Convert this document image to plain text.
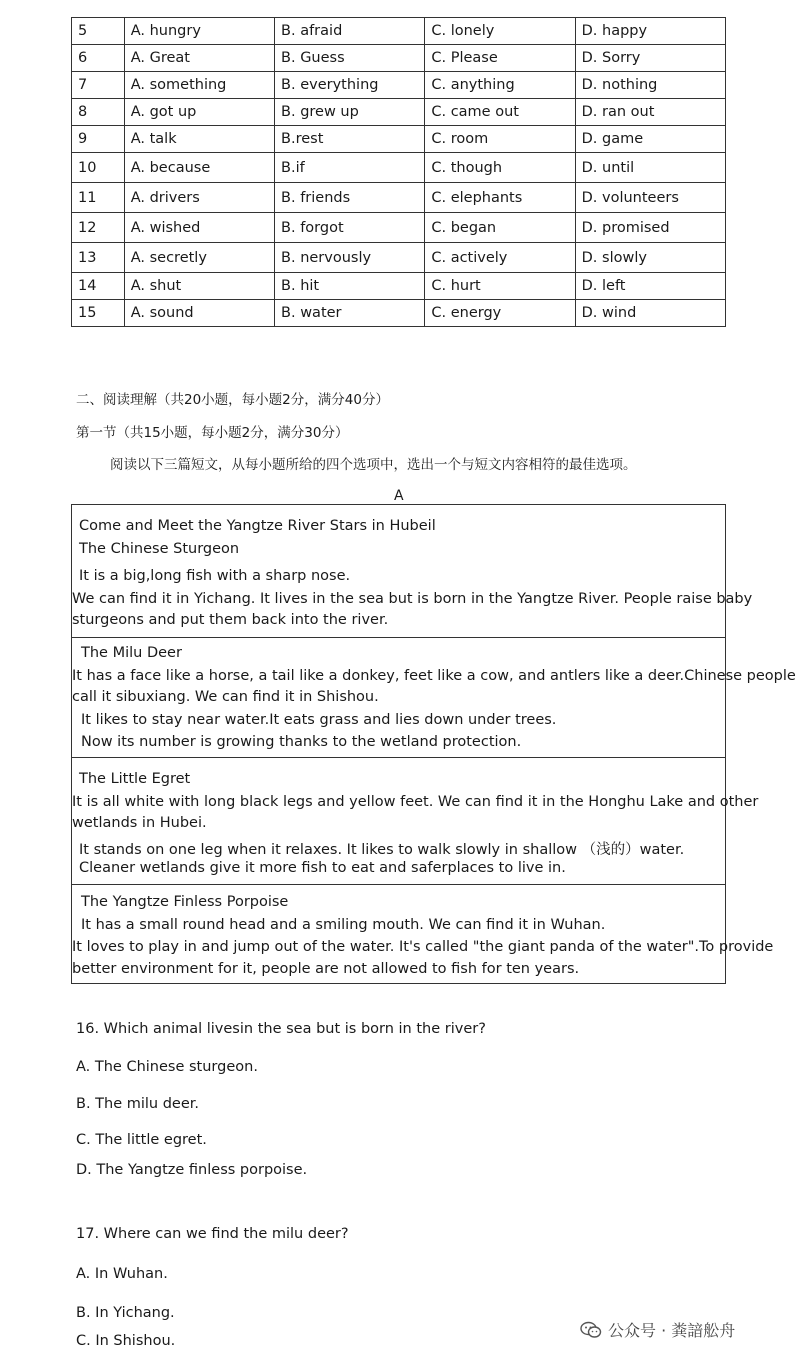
5	A. hungry	B. afraid	C. lonely	D. happy
6	A. Great	B. Guess	C. Please	D. Sorry
7	A. something	B. everything	C. anything	D. nothing
8	A. got up	B. grew up	C. came out	D. ran out
9	A. talk	B.rest	C. room	D. game
10	A. because	B.if	C. though	D. until
11	A. drivers	B. friends	C. elephants	D. volunteers
12	A. wished	B. forgot	C. began	D. promised
13	A. secretly	B. nervously	C. actively	D. slowly
14	A. shut	B. hit	C. hurt	D. left
15	A. sound	B. water	C. energy	D. wind
二、阅读理解（共20小题，每小题2分，满分40分）
第一节（共15小题，每小题2分，满分30分）
阅读以下三篇短文，从每小题所给的四个选项中，选出一个与短文内容相符的最佳选项。
A
Come and Meet the Yangtze River Stars in Hubeil
The Chinese Sturgeon
It is a big,long fish with a sharp nose.
We can find it in Yichang. It lives in the sea but is born in the Yangtze River. People raise baby
sturgeons and put them back into the river.
The Milu Deer
It has a face like a horse, a tail like a donkey, feet like a cow, and antlers like a deer.Chinese people
call it sibuxiang. We can find it in Shishou.
It likes to stay near water.It eats grass and lies down under trees.
Now its number is growing thanks to the wetland protection.
The Little Egret
It is all white with long black legs and yellow feet. We can find it in the Honghu Lake and other
wetlands in Hubei.
It stands on one leg when it relaxes. It likes to walk slowly in shallow （浅的）water.
Cleaner wetlands give it more fish to eat and saferplaces to live in.
The Yangtze Finless Porpoise
It has a small round head and a smiling mouth. We can find it in Wuhan.
It loves to play in and jump out of the water. It's called "the giant panda of the water".To provide
better environment for it, people are not allowed to fish for ten years.
16. Which animal livesin the sea but is born in the river?
A. The Chinese sturgeon.
B. The milu deer.
C. The little egret.
D. The Yangtze finless porpoise.
17. Where can we find the milu deer?
A. In Wuhan.
B. In Yichang.
C. In Shishou.
公众号 · 粪諳舩舟
